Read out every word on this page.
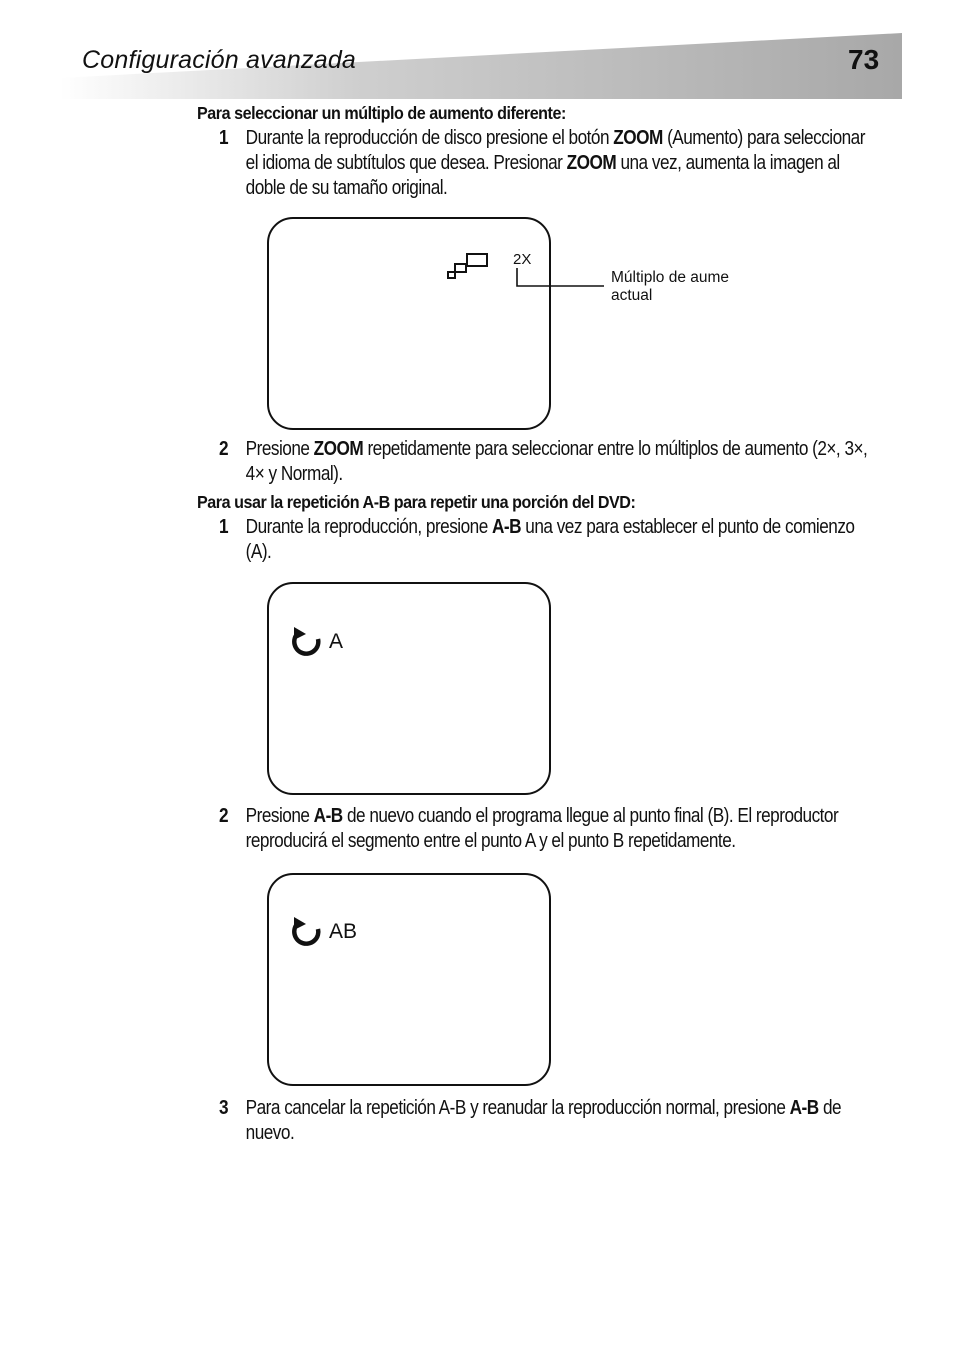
Configuración avanzada	73
Para seleccionar un múltiplo de aumento diferente:
1 Durante la reproducción de disco presione el botón ZOOM (Aumento) para seleccionar el idioma de subtítulos que desea. Presionar ZOOM una vez, aumenta la imagen al doble de su tamaño original.
2X
Múltiplo de aume
actual
2 Presione ZOOM repetidamente para seleccionar entre lo múltiplos de aumento (2×, 3×, 4× y Normal).
Para usar la repetición A-B para repetir una porción del DVD:
1 Durante la reproducción, presione A-B una vez para establecer el punto de comienzo (A).
A
2 Presione A-B de nuevo cuando el programa llegue al punto final (B). El reproductor reproducirá el segmento entre el punto A y el punto B repetidamente.
AB
3 Para cancelar la repetición A-B y reanudar la reproducción normal, presione A-B de nuevo.
